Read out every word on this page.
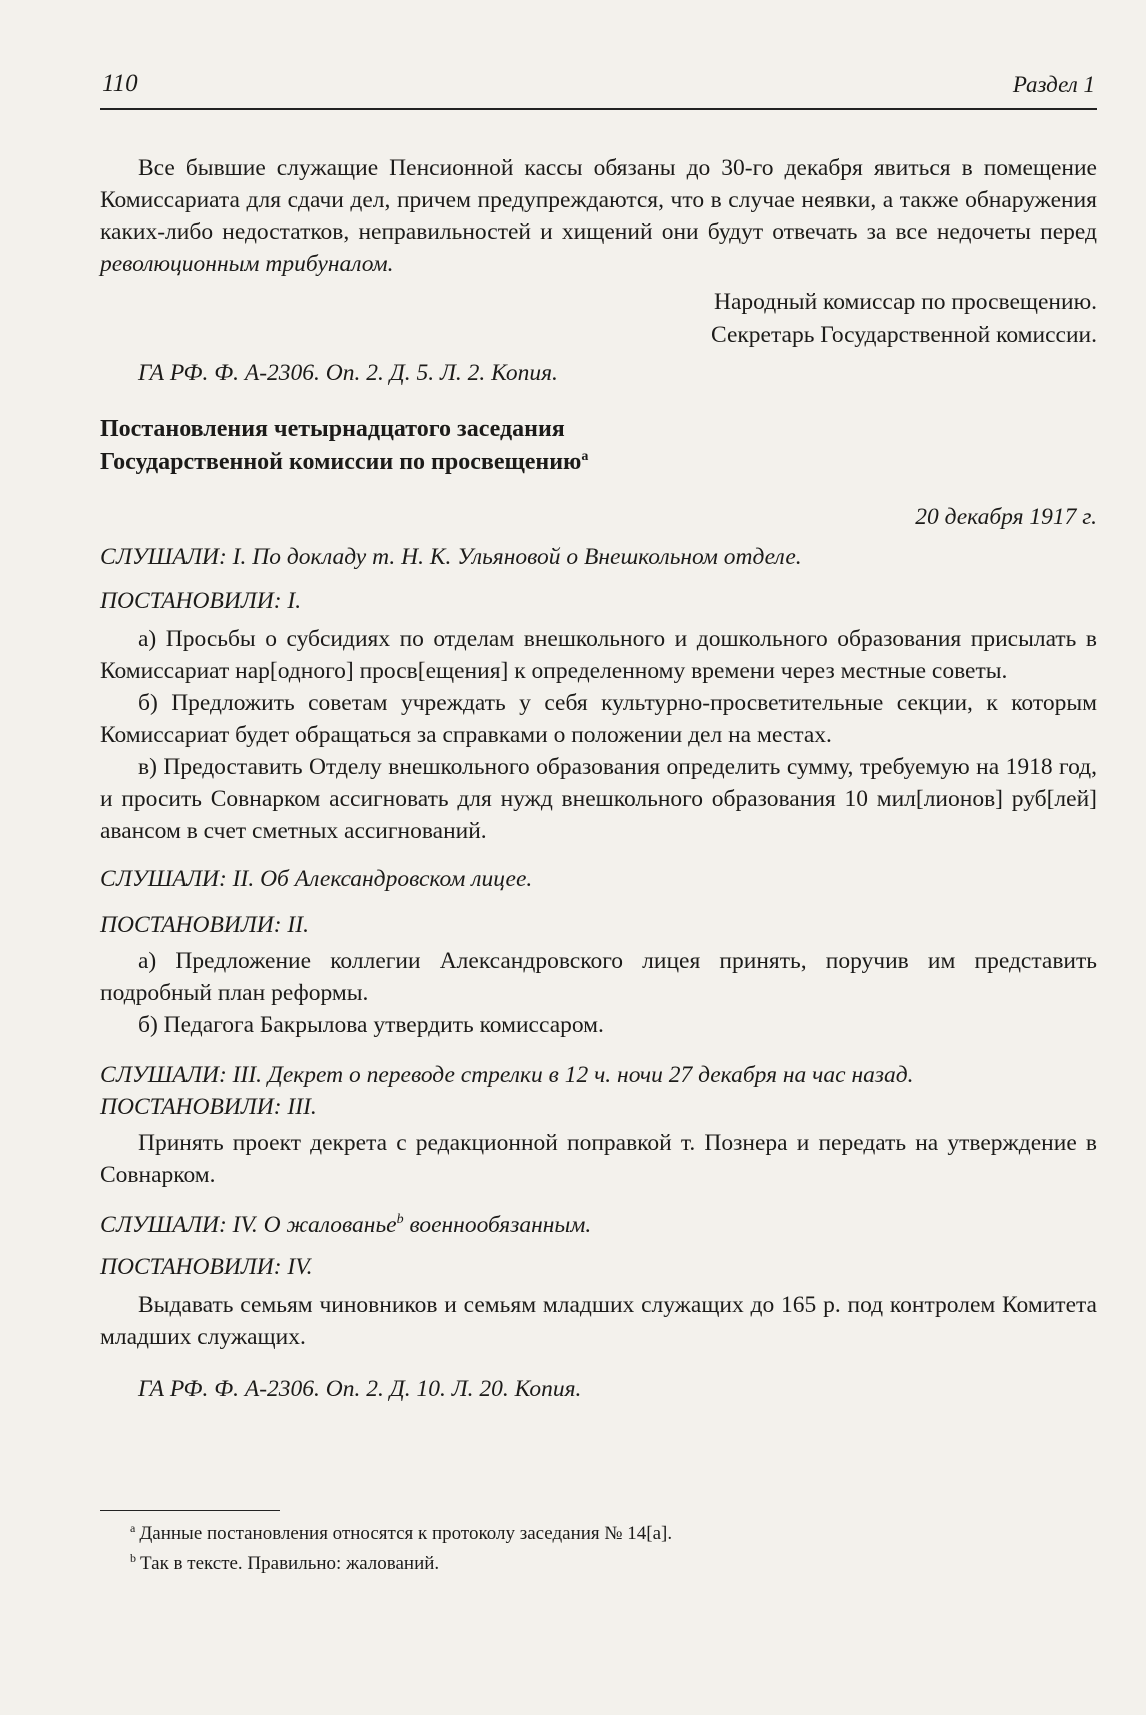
110	Раздел 1

Все бывшие служащие Пенсионной кассы обязаны до 30-го декабря явиться в помещение Комиссариата для сдачи дел, причем предупреждаются, что в случае неявки, а также обнаружения каких-либо недостатков, неправильностей и хищений они будут отвечать за все недочеты перед революционным трибуналом.

Народный комиссар по просвещению.

Секретарь Государственной комиссии.

ГА РФ. Ф. А-2306. Оп. 2. Д. 5. Л. 2. Копия.

Постановления четырнадцатого заседания

Государственной комиссии по просвещению$^a$

20 декабря 1917 г.

СЛУШАЛИ: I. По докладу т. Н. К. Ульяновой о Внешкольном отделе.

ПОСТАНОВИЛИ: I.

а) Просьбы о субсидиях по отделам внешкольного и дошкольного образования присылать в Комиссариат нар[одного] просв[ещения] к определенному времени через местные советы.

б) Предложить советам учреждать у себя культурно-просветительные секции, к которым Комиссариат будет обращаться за справками о положении дел на местах.

в) Предоставить Отделу внешкольного образования определить сумму, требуемую на 1918 год, и просить Совнарком ассигновать для нужд внешкольного образования 10 мил[лионов] руб[лей] авансом в счет сметных ассигнований.

СЛУШАЛИ: II. Об Александровском лицее.

ПОСТАНОВИЛИ: II.

а) Предложение коллегии Александровского лицея принять, поручив им представить подробный план реформы.

б) Педагога Бакрылова утвердить комиссаром.

СЛУШАЛИ: III. Декрет о переводе стрелки в 12 ч. ночи 27 декабря на час назад.

ПОСТАНОВИЛИ: III.

Принять проект декрета с редакционной поправкой т. Познера и передать на утверждение в Совнарком.

СЛУШАЛИ: IV. О жалованье$^b$ военнообязанным.

ПОСТАНОВИЛИ: IV.

Выдавать семьям чиновников и семьям младших служащих до 165 р. под контролем Комитета младших служащих.

ГА РФ. Ф. А-2306. Оп. 2. Д. 10. Л. 20. Копия.

$^a$ Данные постановления относятся к протоколу заседания № 14[а].

$^b$ Так в тексте. Правильно: жалований.
